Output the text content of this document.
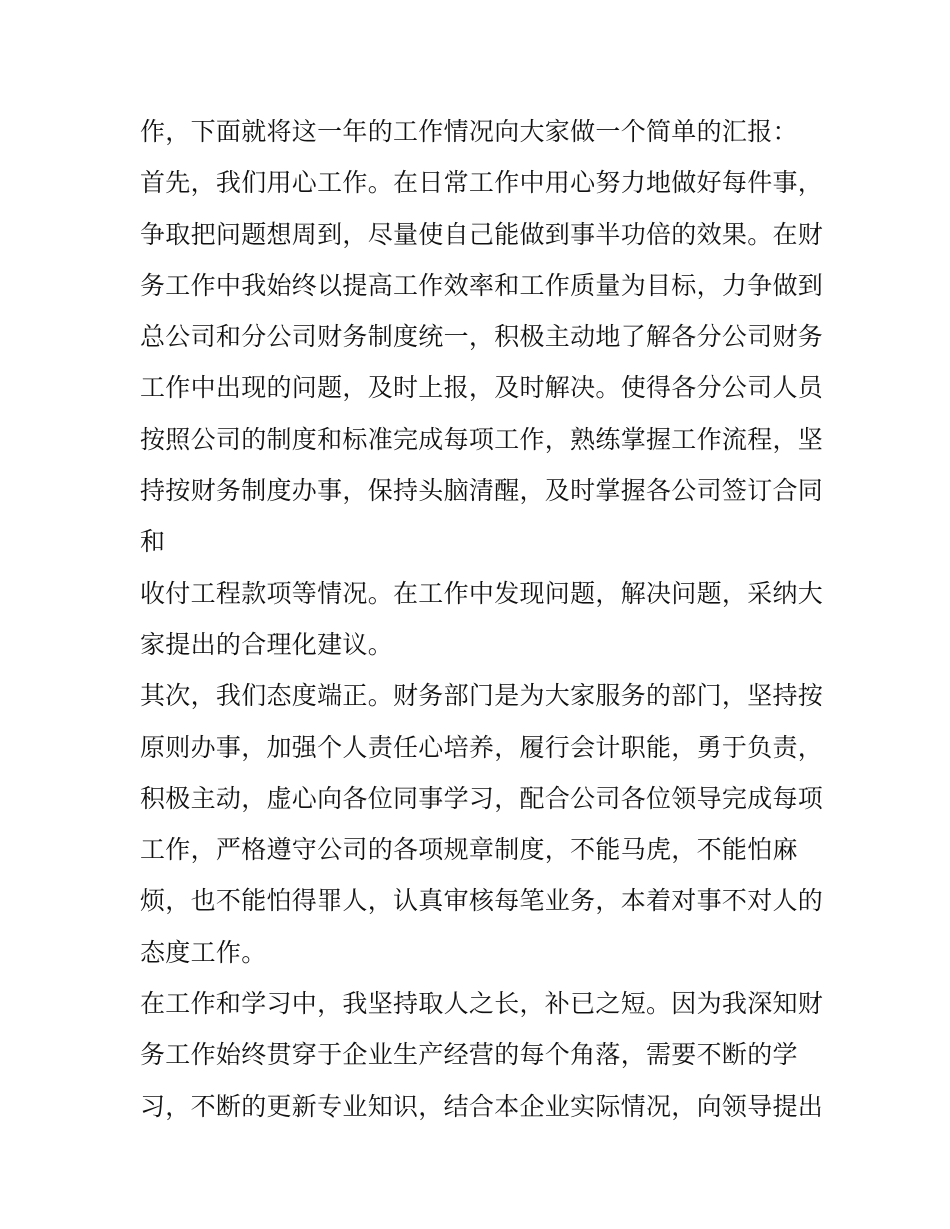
作，下面就将这一年的工作情况向大家做一个简单的汇报：
首先，我们用心工作。在日常工作中用心努力地做好每件事，
争取把问题想周到，尽量使自己能做到事半功倍的效果。在财
务工作中我始终以提高工作效率和工作质量为目标，力争做到
总公司和分公司财务制度统一，积极主动地了解各分公司财务
工作中出现的问题，及时上报，及时解决。使得各分公司人员
按照公司的制度和标准完成每项工作，熟练掌握工作流程，坚
持按财务制度办事，保持头脑清醒，及时掌握各公司签订合同
和
收付工程款项等情况。在工作中发现问题，解决问题，采纳大
家提出的合理化建议。
其次，我们态度端正。财务部门是为大家服务的部门，坚持按
原则办事，加强个人责任心培养，履行会计职能，勇于负责，
积极主动，虚心向各位同事学习，配合公司各位领导完成每项
工作，严格遵守公司的各项规章制度，不能马虎，不能怕麻
烦，也不能怕得罪人，认真审核每笔业务，本着对事不对人的
态度工作。
在工作和学习中，我坚持取人之长，补已之短。因为我深知财
务工作始终贯穿于企业生产经营的每个角落，需要不断的学
习，不断的更新专业知识，结合本企业实际情况，向领导提出
